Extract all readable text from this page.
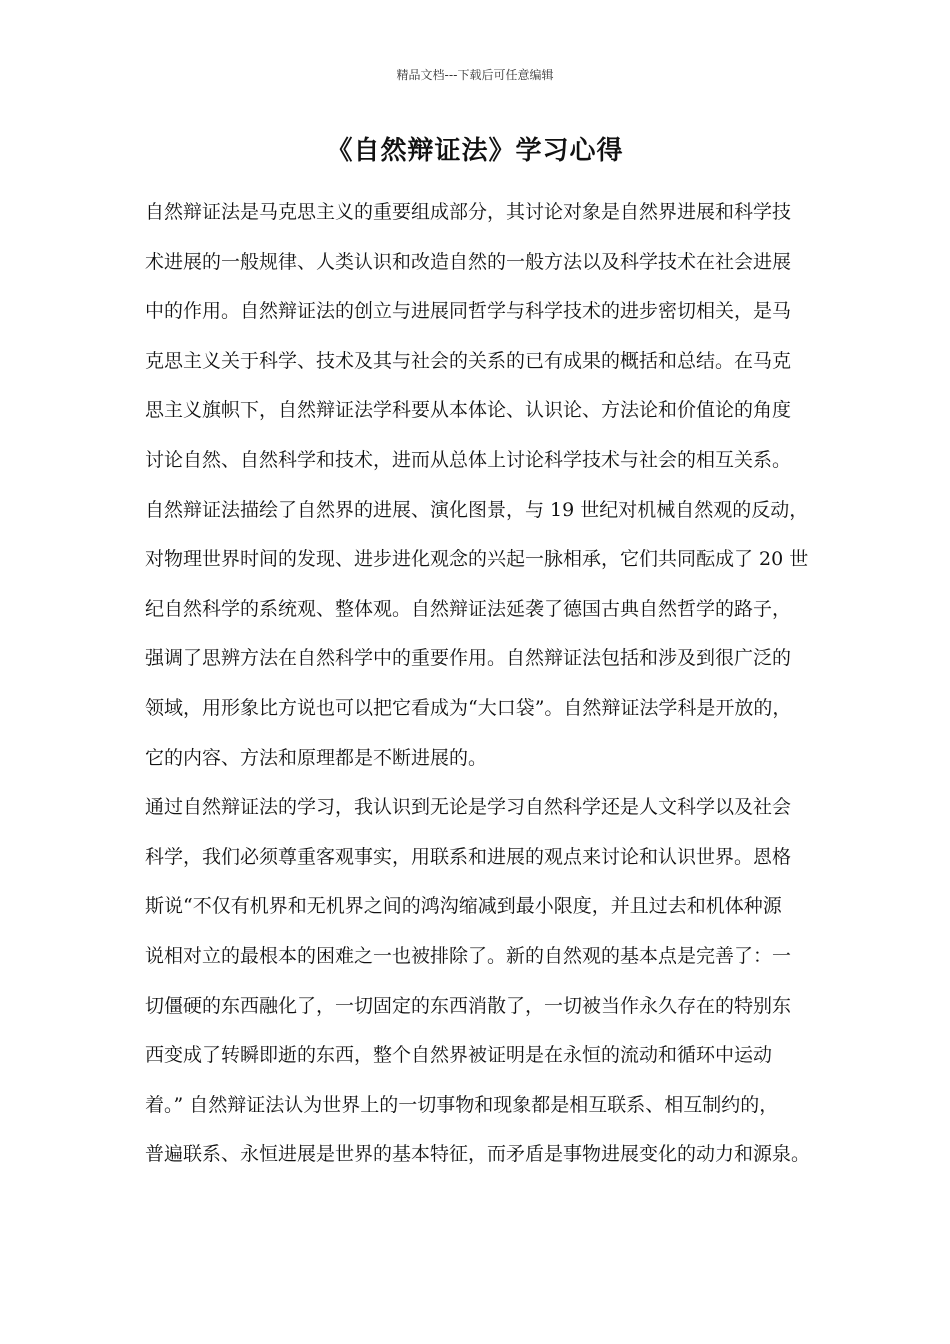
精品文档---下载后可任意编辑
《自然辩证法》学习心得
自然辩证法是马克思主义的重要组成部分，其讨论对象是自然界进展和科学技
术进展的一般规律、人类认识和改造自然的一般方法以及科学技术在社会进展
中的作用。自然辩证法的创立与进展同哲学与科学技术的进步密切相关，是马
克思主义关于科学、技术及其与社会的关系的已有成果的概括和总结。在马克
思主义旗帜下，自然辩证法学科要从本体论、认识论、方法论和价值论的角度
讨论自然、自然科学和技术，进而从总体上讨论科学技术与社会的相互关系。
自然辩证法描绘了自然界的进展、演化图景，与 19 世纪对机械自然观的反动，
对物理世界时间的发现、进步进化观念的兴起一脉相承，它们共同酝成了 20 世
纪自然科学的系统观、整体观。自然辩证法延袭了德国古典自然哲学的路子，
强调了思辨方法在自然科学中的重要作用。自然辩证法包括和涉及到很广泛的
领域，用形象比方说也可以把它看成为“大口袋”。自然辩证法学科是开放的，
它的内容、方法和原理都是不断进展的。
通过自然辩证法的学习，我认识到无论是学习自然科学还是人文科学以及社会
科学，我们必须尊重客观事实，用联系和进展的观点来讨论和认识世界。恩格
斯说“不仅有机界和无机界之间的鸿沟缩减到最小限度，并且过去和机体种源
说相对立的最根本的困难之一也被排除了。新的自然观的基本点是完善了：一
切僵硬的东西融化了，一切固定的东西消散了，一切被当作永久存在的特别东
西变成了转瞬即逝的东西，整个自然界被证明是在永恒的流动和循环中运动
着。” 自然辩证法认为世界上的一切事物和现象都是相互联系、相互制约的，
普遍联系、永恒进展是世界的基本特征，而矛盾是事物进展变化的动力和源泉。
